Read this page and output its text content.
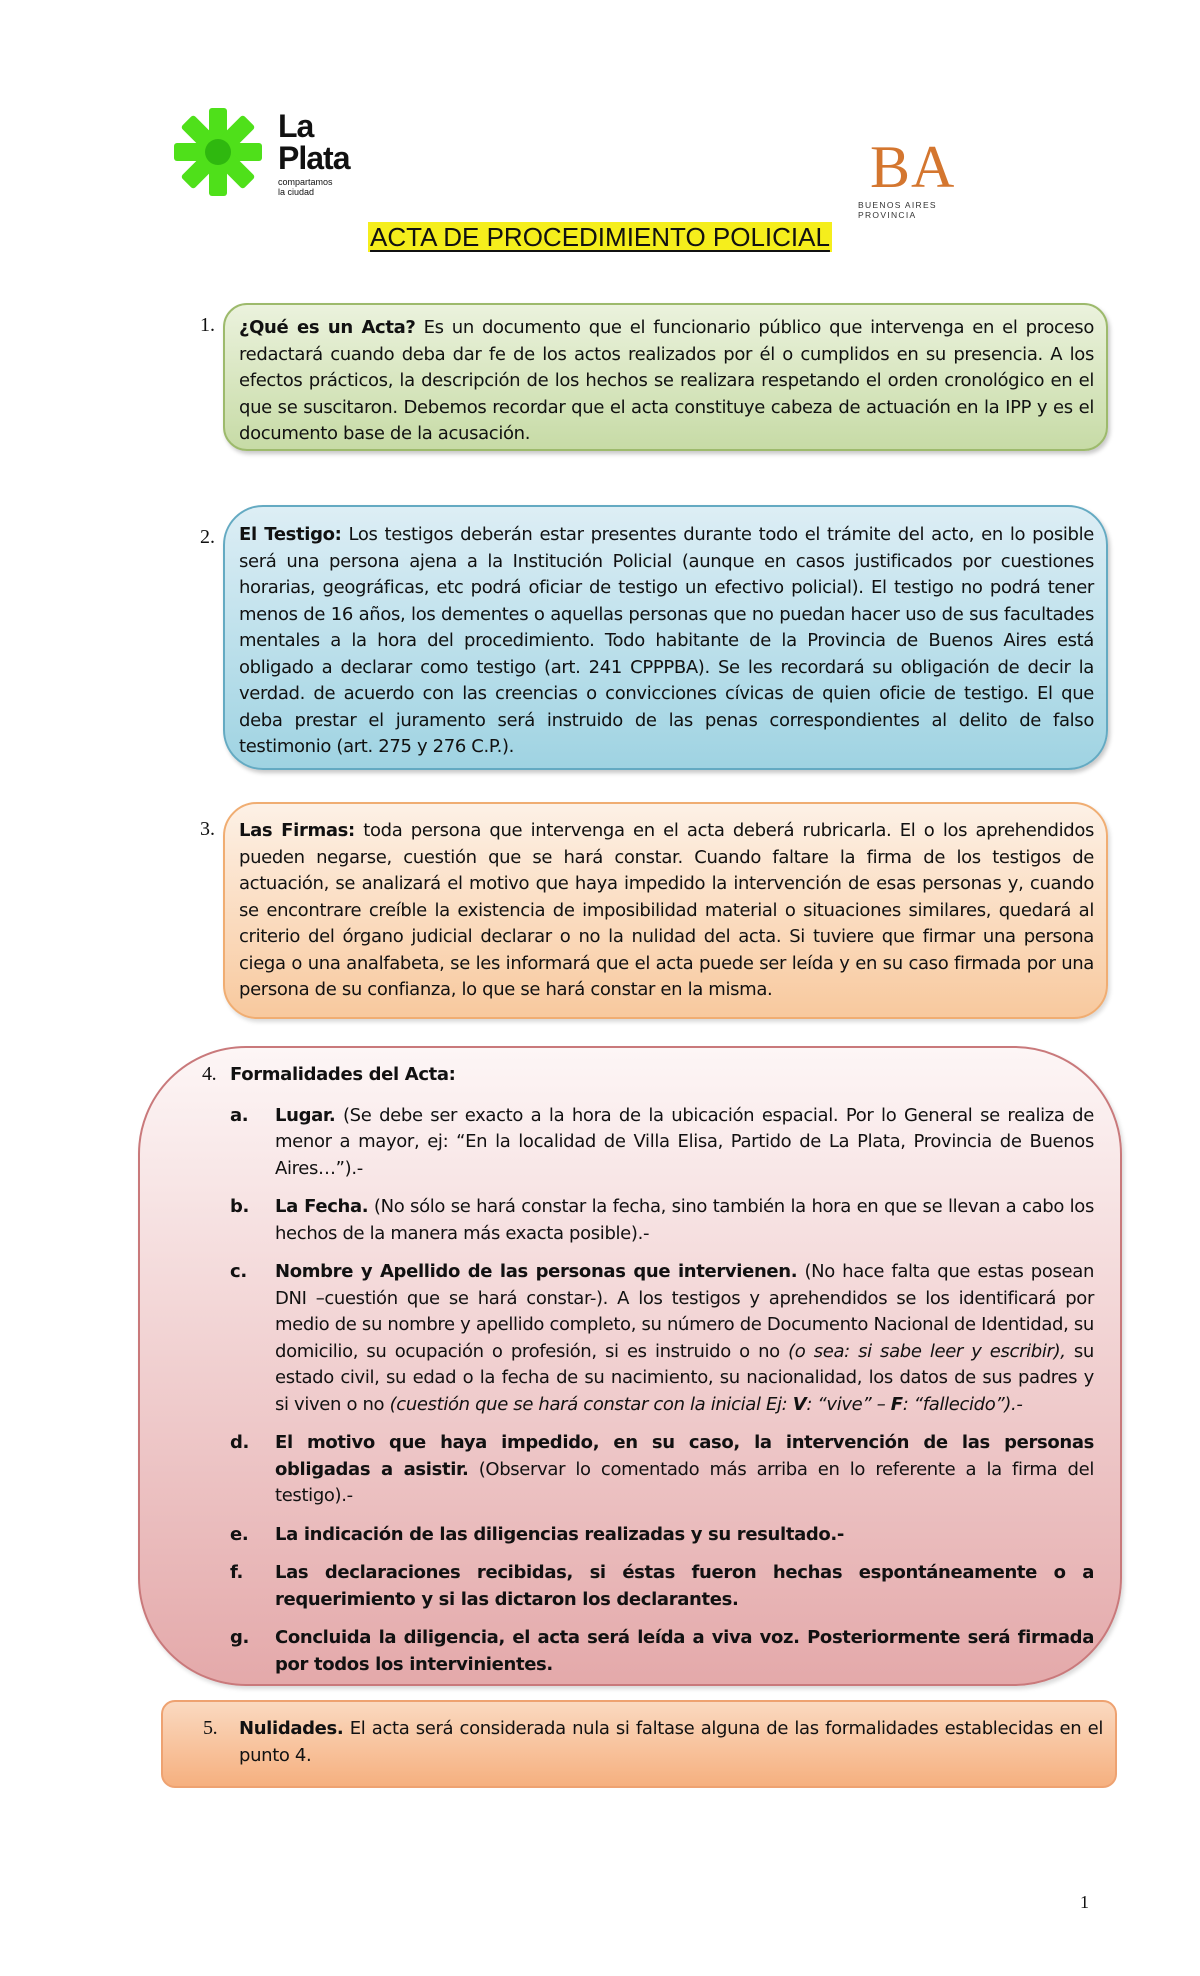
La
Plata
compartamos
la ciudad	BA
BUENOS AIRES PROVINCIA
ACTA DE PROCEDIMIENTO POLICIAL
1.	¿Qué es un Acta? Es un documento que el funcionario público que intervenga en el proceso redactará cuando deba dar fe de los actos realizados por él o cumplidos en su presencia. A los efectos prácticos, la descripción de los hechos se realizara respetando el orden cronológico en el que se suscitaron. Debemos recordar que el acta constituye cabeza de actuación en la IPP y es el documento base de la acusación.
2.	El Testigo: Los testigos deberán estar presentes durante todo el trámite del acto, en lo posible será una persona ajena a la Institución Policial (aunque en casos justificados por cuestiones horarias, geográficas, etc podrá oficiar de testigo un efectivo policial). El testigo no podrá tener menos de 16 años, los dementes o aquellas personas que no puedan hacer uso de sus facultades mentales a la hora del procedimiento. Todo habitante de la Provincia de Buenos Aires está obligado a declarar como testigo (art. 241 CPPPBA). Se les recordará su obligación de decir la verdad. de acuerdo con las creencias o convicciones cívicas de quien oficie de testigo. El que deba prestar el juramento será instruido de las penas correspondientes al delito de falso testimonio (art. 275 y 276 C.P.).
3.	Las Firmas: toda persona que intervenga en el acta deberá rubricarla. El o los aprehendidos pueden negarse, cuestión que se hará constar. Cuando faltare la firma de los testigos de actuación, se analizará el motivo que haya impedido la intervención de esas personas y, cuando se encontrare creíble la existencia de imposibilidad material o situaciones similares, quedará al criterio del órgano judicial declarar o no la nulidad del acta. Si tuviere que firmar una persona ciega o una analfabeta, se les informará que el acta puede ser leída y en su caso firmada por una persona de su confianza, lo que se hará constar en la misma.
4. Formalidades del Acta:

a. Lugar. (Se debe ser exacto a la hora de la ubicación espacial. Por lo General se realiza de menor a mayor, ej: “En la localidad de Villa Elisa, Partido de La Plata, Provincia de Buenos Aires…”).-
b. La Fecha. (No sólo se hará constar la fecha, sino también la hora en que se llevan a cabo los hechos de la manera más exacta posible).-
c. Nombre y Apellido de las personas que intervienen. (No hace falta que estas posean DNI –cuestión que se hará constar-). A los testigos y aprehendidos se los identificará por medio de su nombre y apellido completo, su número de Documento Nacional de Identidad, su domicilio, su ocupación o profesión, si es instruido o no (o sea: si sabe leer y escribir), su estado civil, su edad o la fecha de su nacimiento, su nacionalidad, los datos de sus padres y si viven o no (cuestión que se hará constar con la inicial Ej: V: “vive” – F: “fallecido”).-
d. El motivo que haya impedido, en su caso, la intervención de las personas obligadas a asistir. (Observar lo comentado más arriba en lo referente a la firma del testigo).-
e. La indicación de las diligencias realizadas y su resultado.-
f. Las declaraciones recibidas, si éstas fueron hechas espontáneamente o a requerimiento y si las dictaron los declarantes.
g. Concluida la diligencia, el acta será leída a viva voz. Posteriormente será firmada por todos los intervinientes.
5. Nulidades. El acta será considerada nula si faltase alguna de las formalidades establecidas en el punto 4.
1
